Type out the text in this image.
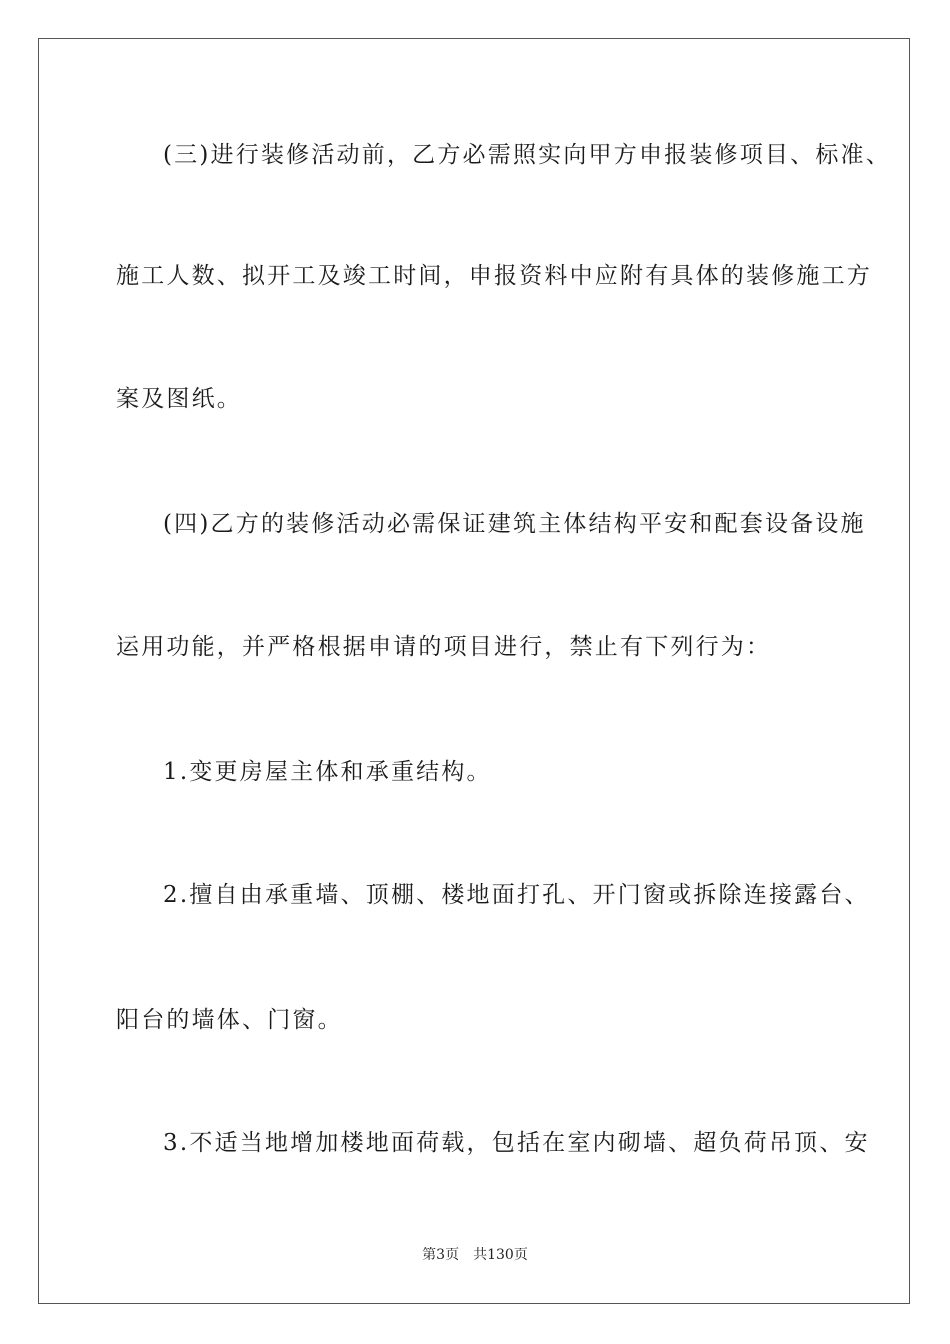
(三)进行装修活动前，乙方必需照实向甲方申报装修项目、标准、
施工人数、拟开工及竣工时间，申报资料中应附有具体的装修施工方
案及图纸。
(四)乙方的装修活动必需保证建筑主体结构平安和配套设备设施
运用功能，并严格根据申请的项目进行，禁止有下列行为：
1.变更房屋主体和承重结构。
2.擅自由承重墙、顶棚、楼地面打孔、开门窗或拆除连接露台、
阳台的墙体、门窗。
3.不适当地增加楼地面荷载，包括在室内砌墙、超负荷吊顶、安
第3页 共130页
